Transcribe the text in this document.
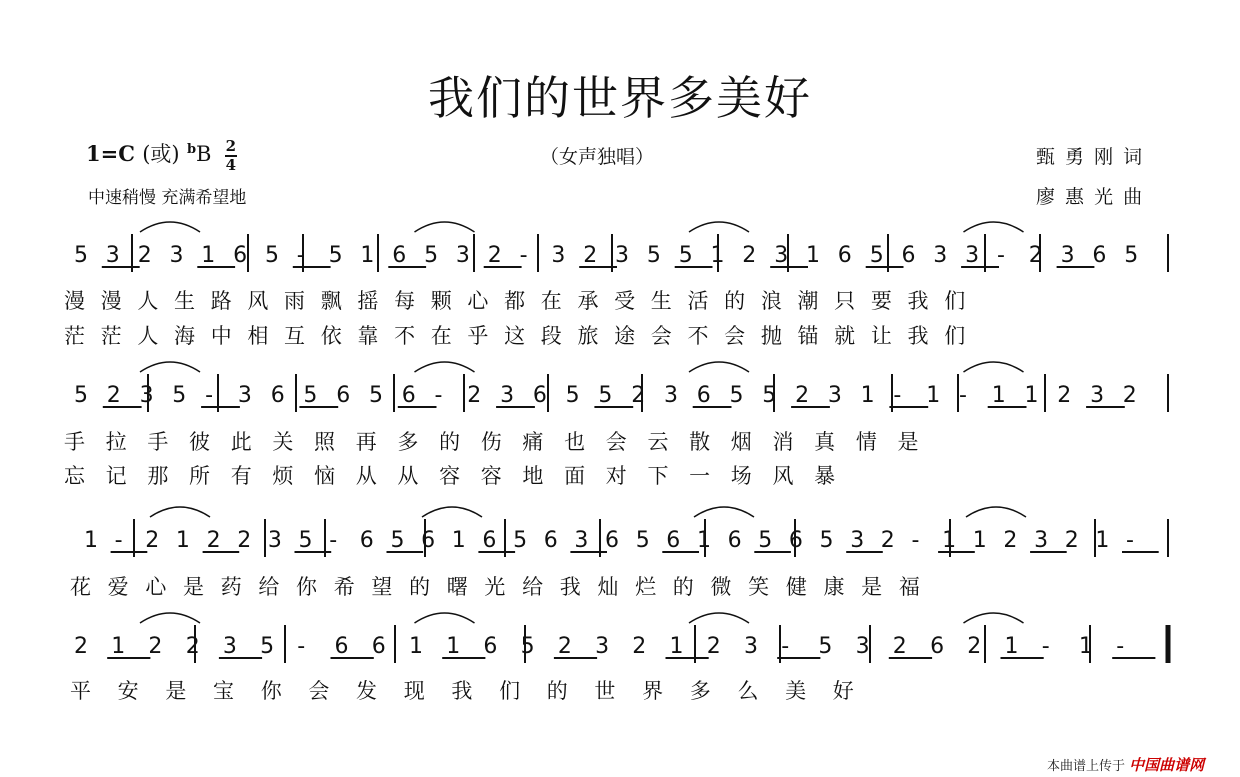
我们的世界多美好
1=C (或) $^bB \frac{2}{4}$	（女声独唱）	甄 勇 刚 词
中速稍慢 充满希望地	廖 惠 光 曲
5 3 2 3 1 6 5 - 5 1 6 5 3 2 - 3 2 3 5 5 1 2 3 1 6 5 6 3 3 - 2 3 6 5
5 2 3 5 - 3 6 5 6 5 6 - 2 3 6 5 5 2 3 6 5 5 2 3 1 - 1 - 1 1 2 3 2
1 - 2 1 2 2 3 5 - 6 5 6 1 6 5 6 3 6 5 6 1 6 5 6 5 3 2 - 1 1 2 3 2 1 -
2 1 2 2 3 5 - 6 6 1 1 6 5 2 3 2 1 2 3 - 5 3 2 6 2 1 - 1 -
漫 漫 人 生 路 风 雨 飘 摇 每 颗 心 都 在 承 受 生 活 的 浪 潮 只 要 我 们
茫 茫 人 海 中 相 互 依 靠 不 在 乎 这 段 旅 途 会 不 会 抛 锚 就 让 我 们
手 拉 手 彼 此 关 照 再 多 的 伤 痛 也 会 云 散 烟 消 真 情 是
忘 记 那 所 有 烦 恼 从 从 容 容 地 面 对 下 一 场 风 暴
花 爱 心 是 药 给 你 希 望 的 曙 光 给 我 灿 烂 的 微 笑 健 康 是 福
平 安 是 宝 你 会 发 现 我 们 的 世 界 多 么 美 好
本曲谱上传于 中国曲谱网
